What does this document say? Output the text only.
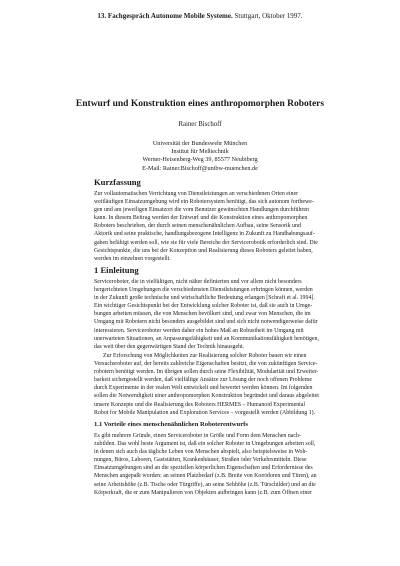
13. Fachgespräch Autonome Mobile Systeme. Stuttgart, Oktober 1997.
Entwurf und Konstruktion eines anthropomorphen Roboters
Rainer Bischoff
Universität der Bundeswehr München
Institut für Meßtechnik
Werner-Heisenberg-Weg 39, 85577 Neubiberg
E-Mail: Rainer.Bischoff@unibw-muenchen.de
Kurzfassung
Zur vollautomatischen Verrichtung von Dienstleistungen an verschiedenen Orten einer
weitläufigen Einsatzumgebung wird ein Robotersystem benötigt, das sich autonom fortbewe-
gen und am jeweiligen Einsatzort die vom Benutzer gewünschten Handlungen durchführen
kann. In diesem Beitrag werden der Entwurf und die Konstruktion eines anthropomorphen
Roboters beschrieben, der durch seinen menschenähnlichen Aufbau, seine Sensorik und
Aktorik und seine praktische, handlungsbezogene Intelligenz in Zukunft zu Handhabungsauf-
gaben befähigt werden soll, wie sie für viele Bereiche der Servicerobotik erforderlich sind. Die
Gesichtspunkte, die uns bei der Konzeption und Realisierung dieses Roboters geleitet haben,
werden im einzelnen vorgestellt.
1 Einleitung
Serviceroboter, die in vielfältigen, nicht näher definierten und vor allem nicht besonders
hergerichteten Umgebungen die verschiedensten Dienstleistungen erbringen können, werden
in der Zukunft große technische und wirtschaftliche Bedeutung erlangen [Schraft et al. 1994].
Ein wichtiger Gesichtspunkt bei der Entwicklung solcher Roboter ist, daß sie auch in Umge-
bungen arbeiten müssen, die von Menschen bevölkert sind, und zwar von Menschen, die im
Umgang mit Robotern nicht besonders ausgebildet sind und sich nicht notwendigerweise dafür
interessieren. Serviceroboter werden daher ein hohes Maß an Robustheit im Umgang mit
unerwarteten Situationen, an Anpassungsfähigkeit und an Kommunikationsfähigkeit benötigen,
das weit über den gegenwärtigen Stand der Technik hinausgeht.
Zur Erforschung von Möglichkeiten zur Realisierung solcher Roboter bauen wir einen
Versuchsroboter auf, der bereits zahlreiche Eigenschaften besitzt, die von zukünftigen Service-
robotern benötigt werden. Im übrigen sollen durch seine Flexibilität, Modularität und Erweiter-
barkeit sichergestellt werden, daß vielfältige Ansätze zur Lösung der noch offenen Probleme
durch Experimente in der realen Welt entwickelt und bewertet werden können. Im folgenden
sollen die Notwendigkeit einer anthropomorphen Konstruktion begründet und daraus abgeleitet
unsere Konzepte und die Realisierung des Roboters HERMES – Humanoid Experimental
Robot for Mobile Manipulation and Exploration Services – vorgestellt werden (Abbildung 1).
1.1 Vorteile eines menschenähnlichen Roboterentwurfs
Es gibt mehrere Gründe, einen Serviceroboter in Größe und Form dem Menschen nach-
zubilden. Das wohl beste Argument ist, daß ein solcher Roboter in Umgebungen arbeiten soll,
in denen sich auch das tägliche Leben von Menschen abspielt, also beispielsweise in Woh-
nungen, Büros, Laboren, Gaststätten, Krankenhäuser, Straßen oder Verkehrsmitteln. Diese
Einsatzumgebungen sind an die speziellen körperlichen Eigenschaften und Erfordernisse des
Menschen angepaßt worden: an seinen Platzbedarf (z.B. Breite von Korridoren und Türen), an
seine Arbeitshöhe (z.B. Tische oder Türgriffe), an seine Sehhöhe (z.B. Türschilder) und an die
Körperkraft, die er zum Manipulieren von Objekten aufbringen kann (z.B. zum Öffnen einer
